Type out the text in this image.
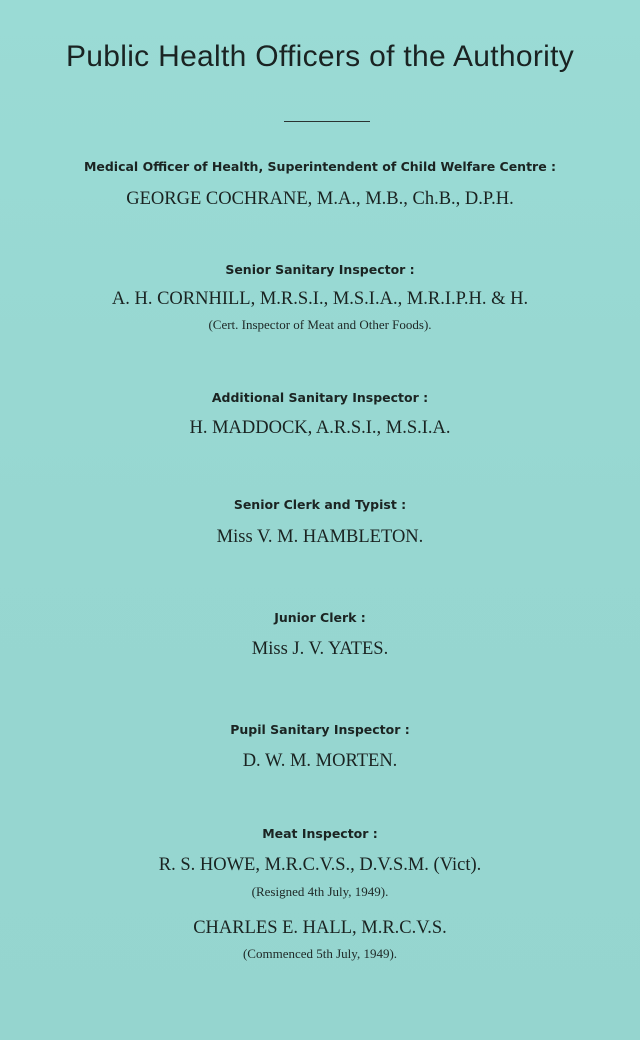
Public Health Officers of the Authority
Medical Officer of Health, Superintendent of Child Welfare Centre :
GEORGE COCHRANE, M.A., M.B., Ch.B., D.P.H.
Senior Sanitary Inspector :
A. H. CORNHILL, M.R.S.I., M.S.I.A., M.R.I.P.H. & H.
(Cert. Inspector of Meat and Other Foods).
Additional Sanitary Inspector :
H. MADDOCK, A.R.S.I., M.S.I.A.
Senior Clerk and Typist :
Miss V. M. HAMBLETON.
Junior Clerk :
Miss J. V. YATES.
Pupil Sanitary Inspector :
D. W. M. MORTEN.
Meat Inspector :
R. S. HOWE, M.R.C.V.S., D.V.S.M. (Vict).
(Resigned 4th July, 1949).
CHARLES E. HALL, M.R.C.V.S.
(Commenced 5th July, 1949).
